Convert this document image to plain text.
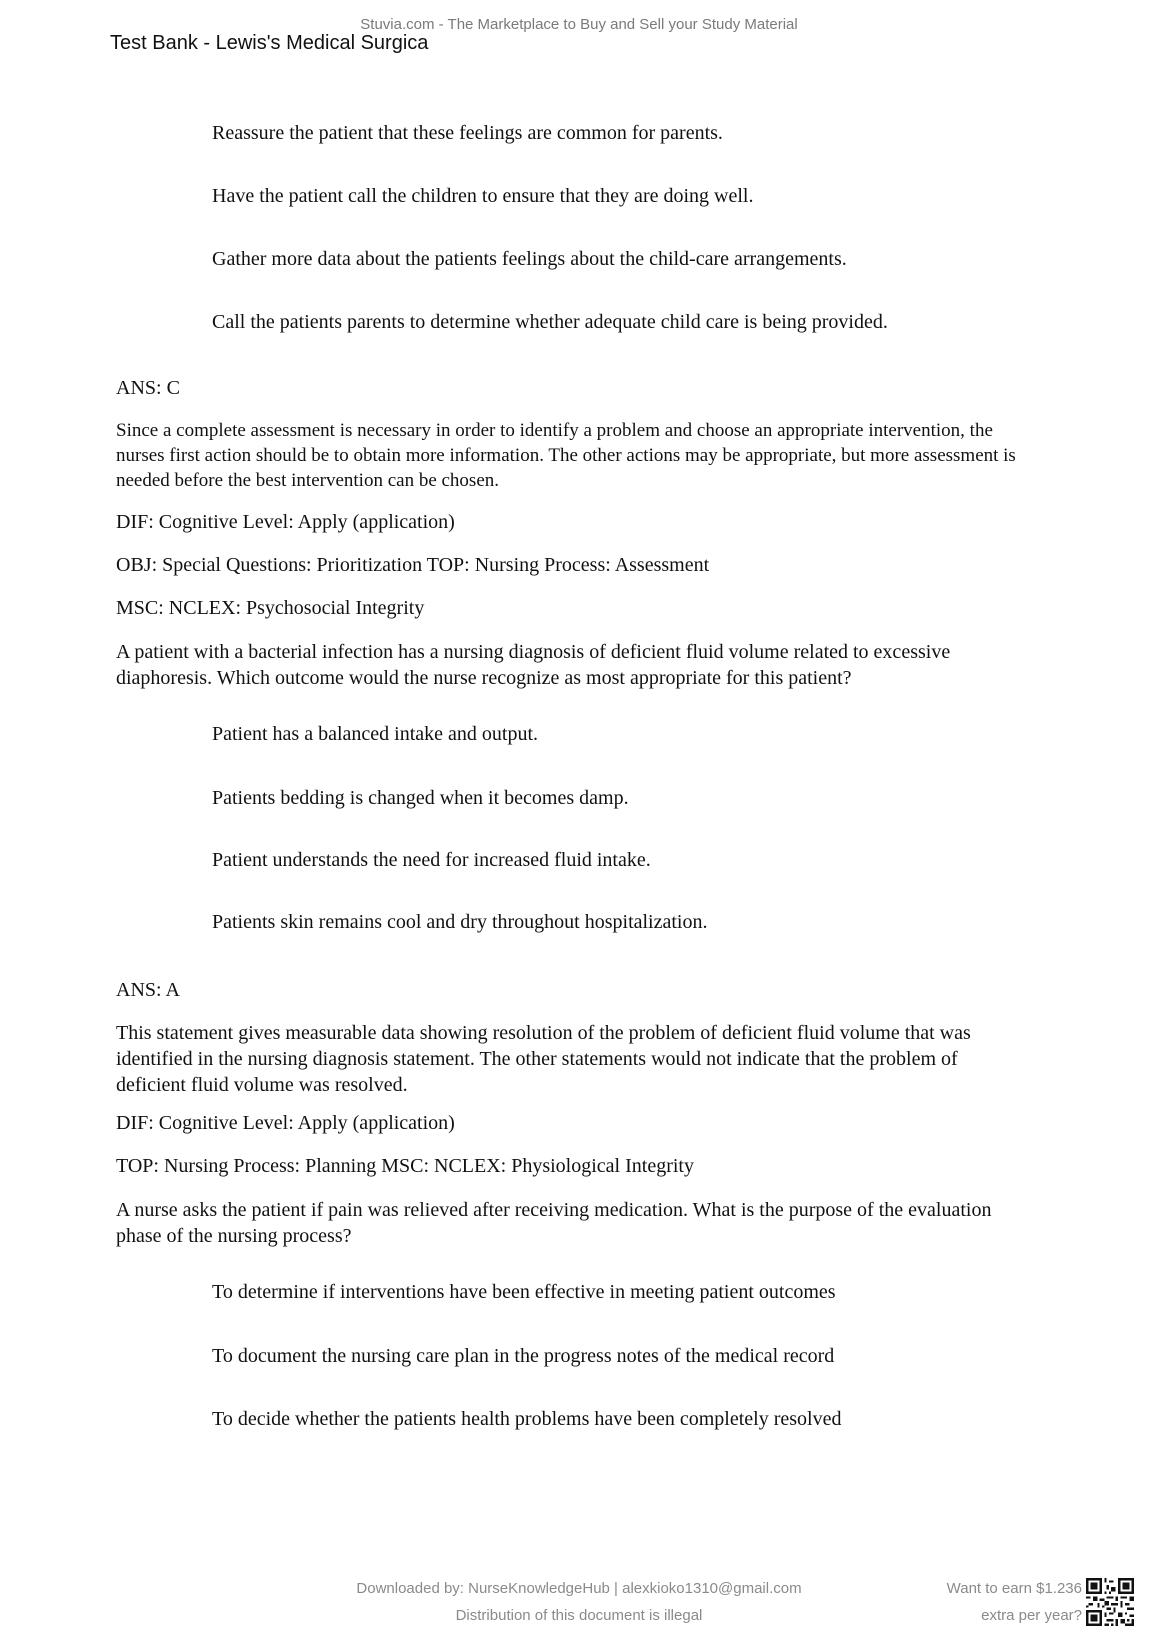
Stuvia.com - The Marketplace to Buy and Sell your Study Material
Test Bank - Lewis's Medical Surgica
Reassure the patient that these feelings are common for parents.
Have the patient call the children to ensure that they are doing well.
Gather more data about the patients feelings about the child-care arrangements.
Call the patients parents to determine whether adequate child care is being provided.
ANS: C
Since a complete assessment is necessary in order to identify a problem and choose an appropriate intervention, the nurses first action should be to obtain more information. The other actions may be appropriate, but more assessment is needed before the best intervention can be chosen.
DIF: Cognitive Level: Apply (application)
OBJ: Special Questions: Prioritization TOP: Nursing Process: Assessment
MSC: NCLEX: Psychosocial Integrity
A patient with a bacterial infection has a nursing diagnosis of deficient fluid volume related to excessive diaphoresis. Which outcome would the nurse recognize as most appropriate for this patient?
Patient has a balanced intake and output.
Patients bedding is changed when it becomes damp.
Patient understands the need for increased fluid intake.
Patients skin remains cool and dry throughout hospitalization.
ANS: A
This statement gives measurable data showing resolution of the problem of deficient fluid volume that was identified in the nursing diagnosis statement. The other statements would not indicate that the problem of deficient fluid volume was resolved.
DIF: Cognitive Level: Apply (application)
TOP: Nursing Process: Planning MSC: NCLEX: Physiological Integrity
A nurse asks the patient if pain was relieved after receiving medication. What is the purpose of the evaluation phase of the nursing process?
To determine if interventions have been effective in meeting patient outcomes
To document the nursing care plan in the progress notes of the medical record
To decide whether the patients health problems have been completely resolved
Downloaded by: NurseKnowledgeHub | alexkioko1310@gmail.com
Distribution of this document is illegal
Want to earn $1.236
extra per year?
